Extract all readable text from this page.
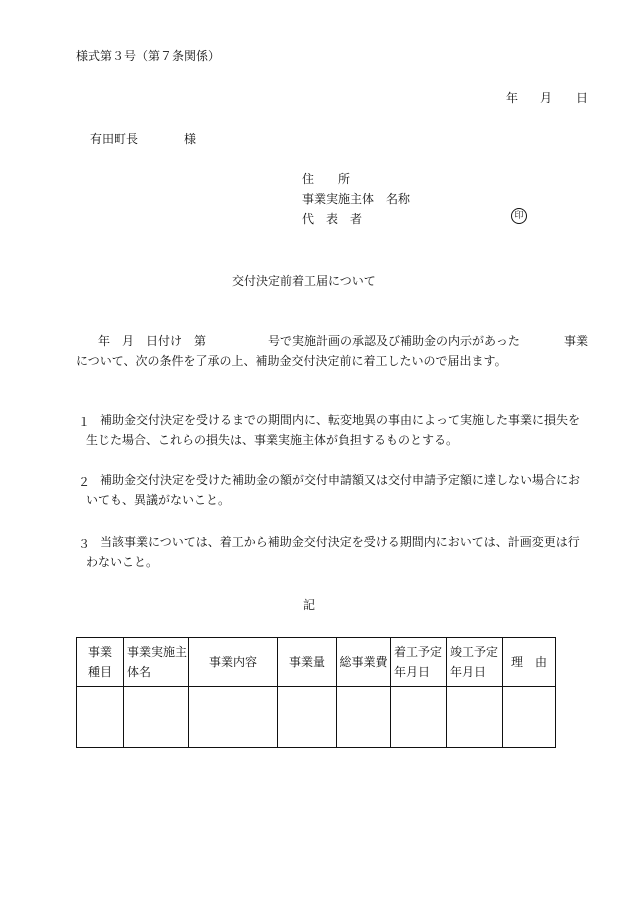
様式第３号（第７条関係）
年 月 日
有田町長	様
住　　所
事業実施主体　名称
代　表　者	印
交付決定前着工届について
年　月　日付け　第	号で実施計画の承認及び補助金の内示があった	事業
について、次の条件を了承の上、補助金交付決定前に着工したいので届出ます。
１ 補助金交付決定を受けるまでの期間内に、転変地異の事由によって実施した事業に損失を生じた場合、これらの損失は、事業実施主体が負担するものとする。
２ 補助金交付決定を受けた補助金の額が交付申請額又は交付申請予定額に達しない場合においても、異議がないこと。
３ 当該事業については、着工から補助金交付決定を受ける期間内においては、計画変更は行わないこと。
記
事業種目	事業実施主体名	事業内容	事業量	総事業費	着工予定年月日	竣工予定年月日	理　由
